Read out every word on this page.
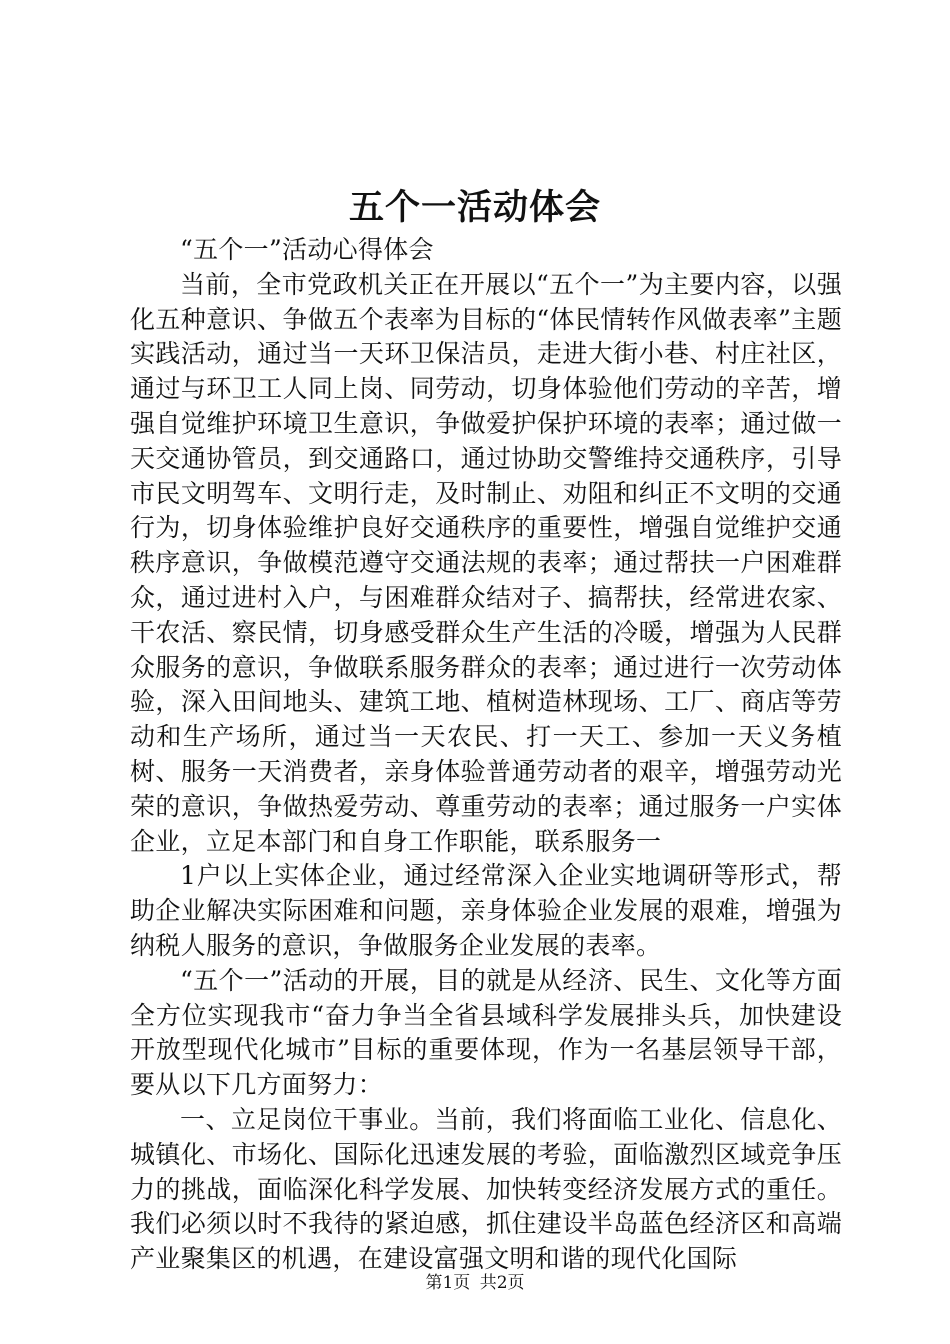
五个一活动体会

“五个一”活动心得体会

当前，全市党政机关正在开展以“五个一”为主要内容，以强化五种意识、争做五个表率为目标的“体民情转作风做表率”主题实践活动，通过当一天环卫保洁员，走进大街小巷、村庄社区，通过与环卫工人同上岗、同劳动，切身体验他们劳动的辛苦，增强自觉维护环境卫生意识，争做爱护保护环境的表率；通过做一天交通协管员，到交通路口，通过协助交警维持交通秩序，引导市民文明驾车、文明行走，及时制止、劝阻和纠正不文明的交通行为，切身体验维护良好交通秩序的重要性，增强自觉维护交通秩序意识，争做模范遵守交通法规的表率；通过帮扶一户困难群众，通过进村入户，与困难群众结对子、搞帮扶，经常进农家、干农活、察民情，切身感受群众生产生活的冷暖，增强为人民群众服务的意识，争做联系服务群众的表率；通过进行一次劳动体验，深入田间地头、建筑工地、植树造林现场、工厂、商店等劳动和生产场所，通过当一天农民、打一天工、参加一天义务植树、服务一天消费者，亲身体验普通劳动者的艰辛，增强劳动光荣的意识，争做热爱劳动、尊重劳动的表率；通过服务一户实体企业，立足本部门和自身工作职能，联系服务一

1户以上实体企业，通过经常深入企业实地调研等形式，帮助企业解决实际困难和问题，亲身体验企业发展的艰难，增强为纳税人服务的意识，争做服务企业发展的表率。

“五个一”活动的开展，目的就是从经济、民生、文化等方面全方位实现我市“奋力争当全省县域科学发展排头兵，加快建设开放型现代化城市”目标的重要体现，作为一名基层领导干部，要从以下几方面努力：

一、立足岗位干事业。当前，我们将面临工业化、信息化、城镇化、市场化、国际化迅速发展的考验，面临激烈区域竞争压力的挑战，面临深化科学发展、加快转变经济发展方式的重任。我们必须以时不我待的紧迫感，抓住建设半岛蓝色经济区和高端产业聚集区的机遇，在建设富强文明和谐的现代化国际

第1页 共2页
